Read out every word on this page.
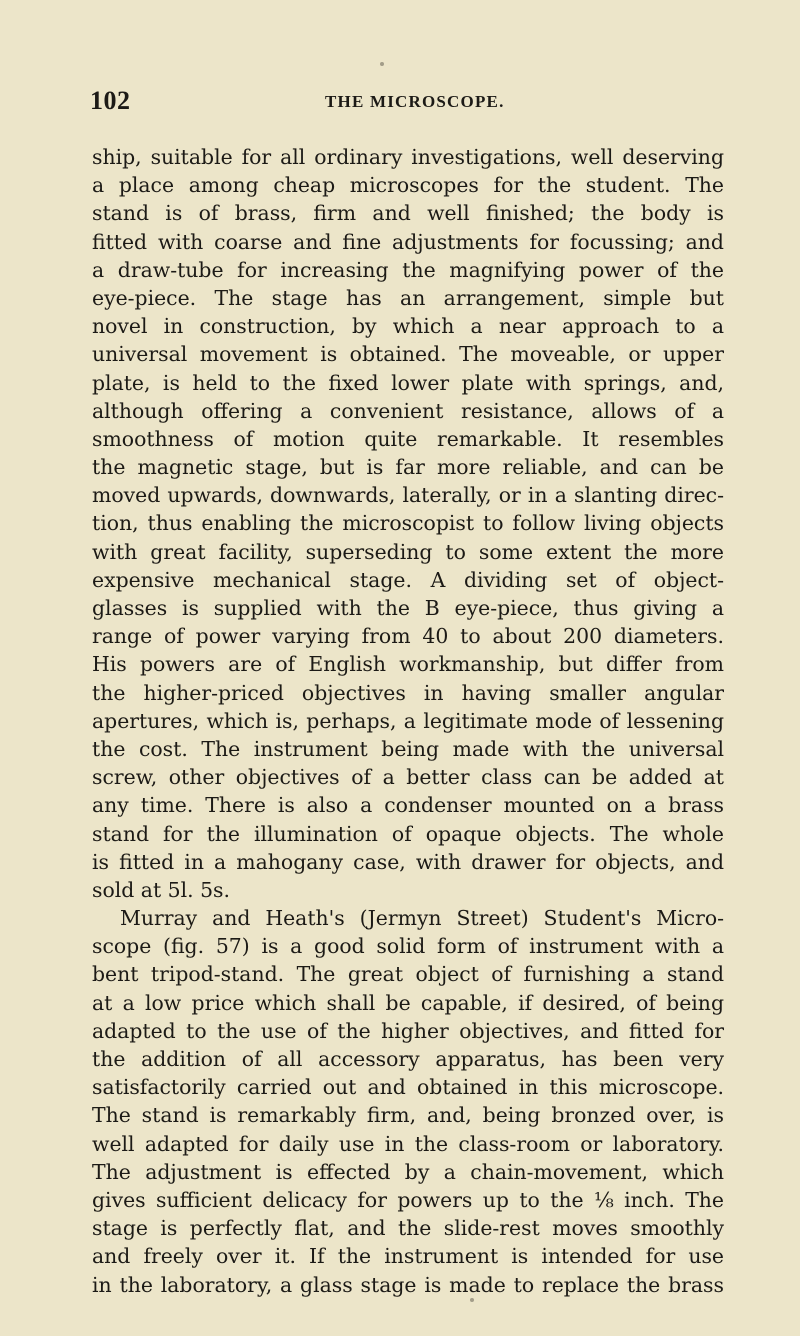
102	THE MICROSCOPE.
ship, suitable for all ordinary investigations, well deserving
a place among cheap microscopes for the student. The
stand is of brass, firm and well finished; the body is
fitted with coarse and fine adjustments for focussing; and
a draw-tube for increasing the magnifying power of the
eye-piece. The stage has an arrangement, simple but
novel in construction, by which a near approach to a
universal movement is obtained. The moveable, or upper
plate, is held to the fixed lower plate with springs, and,
although offering a convenient resistance, allows of a
smoothness of motion quite remarkable. It resembles
the magnetic stage, but is far more reliable, and can be
moved upwards, downwards, laterally, or in a slanting direc-
tion, thus enabling the microscopist to follow living objects
with great facility, superseding to some extent the more
expensive mechanical stage. A dividing set of object-
glasses is supplied with the B eye-piece, thus giving a
range of power varying from 40 to about 200 diameters.
His powers are of English workmanship, but differ from
the higher-priced objectives in having smaller angular
apertures, which is, perhaps, a legitimate mode of lessening
the cost. The instrument being made with the universal
screw, other objectives of a better class can be added at
any time. There is also a condenser mounted on a brass
stand for the illumination of opaque objects. The whole
is fitted in a mahogany case, with drawer for objects, and
sold at 5l. 5s.
Murray and Heath's (Jermyn Street) Student's Micro-
scope (fig. 57) is a good solid form of instrument with a
bent tripod-stand. The great object of furnishing a stand
at a low price which shall be capable, if desired, of being
adapted to the use of the higher objectives, and fitted for
the addition of all accessory apparatus, has been very
satisfactorily carried out and obtained in this microscope.
The stand is remarkably firm, and, being bronzed over, is
well adapted for daily use in the class-room or laboratory.
The adjustment is effected by a chain-movement, which
gives sufficient delicacy for powers up to the ⅛ inch. The
stage is perfectly flat, and the slide-rest moves smoothly
and freely over it. If the instrument is intended for use
in the laboratory, a glass stage is made to replace the brass
